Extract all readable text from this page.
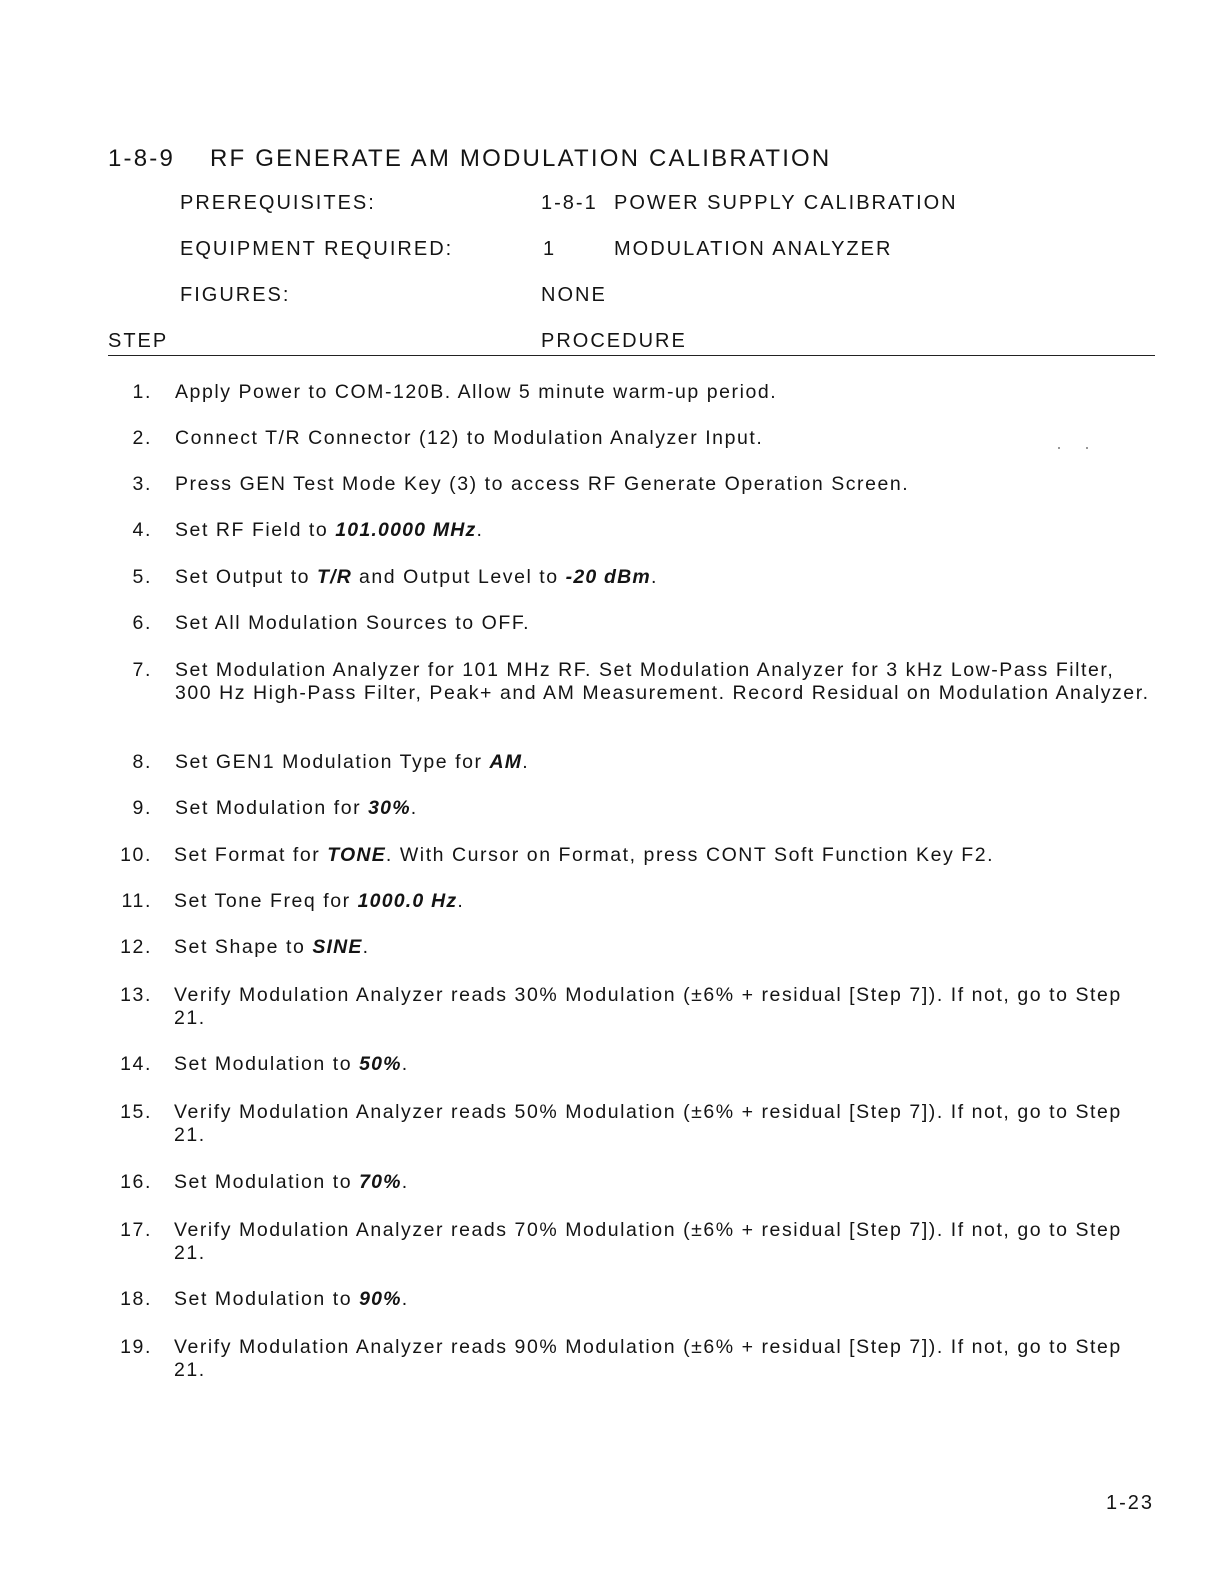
1-8-9 RF GENERATE AM MODULATION CALIBRATION
PREREQUISITES:	1-8-1 POWER SUPPLY CALIBRATION
EQUIPMENT REQUIRED:	1	MODULATION ANALYZER
FIGURES:	NONE
STEP	PROCEDURE
1. Apply Power to COM-120B. Allow 5 minute warm-up period.
2. Connect T/R Connector (12) to Modulation Analyzer Input.
3. Press GEN Test Mode Key (3) to access RF Generate Operation Screen.
4. Set RF Field to 101.0000 MHz.
5. Set Output to T/R and Output Level to -20 dBm.
6. Set All Modulation Sources to OFF.
7. Set Modulation Analyzer for 101 MHz RF. Set Modulation Analyzer for 3 kHz Low-Pass Filter, 300 Hz High-Pass Filter, Peak+ and AM Measurement. Record Residual on Modulation Analyzer.
8. Set GEN1 Modulation Type for AM.
9. Set Modulation for 30%.
10. Set Format for TONE. With Cursor on Format, press CONT Soft Function Key F2.
11. Set Tone Freq for 1000.0 Hz.
12. Set Shape to SINE.
13. Verify Modulation Analyzer reads 30% Modulation (±6% + residual [Step 7]). If not, go to Step 21.
14. Set Modulation to 50%.
15. Verify Modulation Analyzer reads 50% Modulation (±6% + residual [Step 7]). If not, go to Step 21.
16. Set Modulation to 70%.
17. Verify Modulation Analyzer reads 70% Modulation (±6% + residual [Step 7]). If not, go to Step 21.
18. Set Modulation to 90%.
19. Verify Modulation Analyzer reads 90% Modulation (±6% + residual [Step 7]). If not, go to Step 21.
1-23
